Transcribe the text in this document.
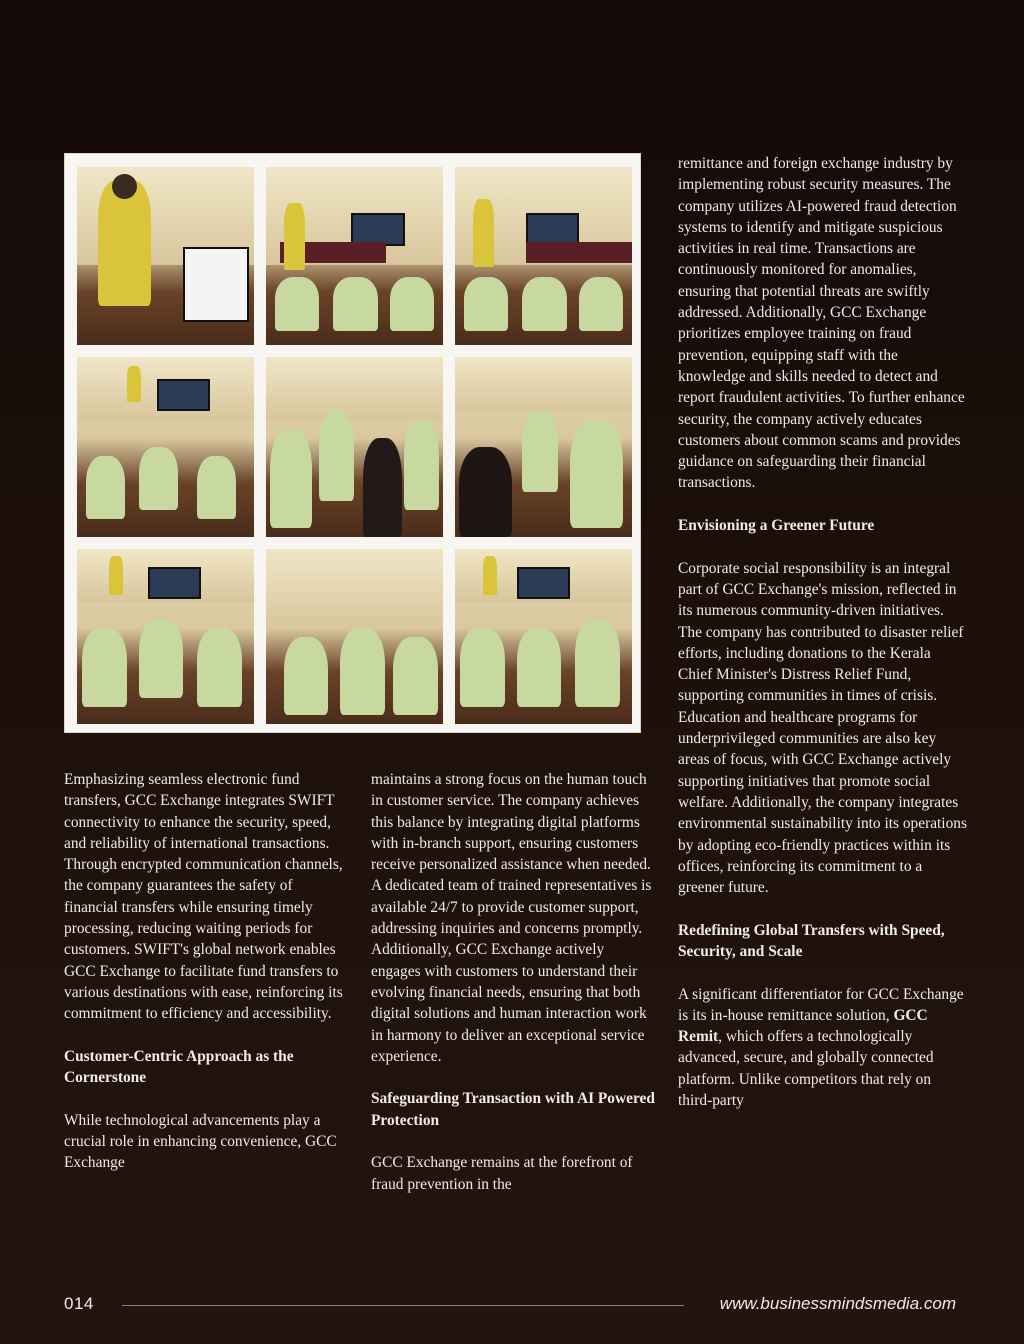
Emphasizing seamless electronic fund transfers, GCC Exchange integrates SWIFT connectivity to enhance the security, speed, and reliability of international transactions. Through encrypted communication channels, the company guarantees the safety of financial transfers while ensuring timely processing, reducing waiting periods for customers. SWIFT's global network enables GCC Exchange to facilitate fund transfers to various destinations with ease, reinforcing its commitment to efficiency and accessibility.

Customer-Centric Approach as the Cornerstone

While technological advancements play a crucial role in enhancing convenience, GCC Exchange

maintains a strong focus on the human touch in customer service. The company achieves this balance by integrating digital platforms with in-branch support, ensuring customers receive personalized assistance when needed. A dedicated team of trained representatives is available 24/7 to provide customer support, addressing inquiries and concerns promptly. Additionally, GCC Exchange actively engages with customers to understand their evolving financial needs, ensuring that both digital solutions and human interaction work in harmony to deliver an exceptional service experience.

Safeguarding Transaction with AI Powered Protection

GCC Exchange remains at the forefront of fraud prevention in the

remittance and foreign exchange industry by implementing robust security measures. The company utilizes AI-powered fraud detection systems to identify and mitigate suspicious activities in real time. Transactions are continuously monitored for anomalies, ensuring that potential threats are swiftly addressed. Additionally, GCC Exchange prioritizes employee training on fraud prevention, equipping staff with the knowledge and skills needed to detect and report fraudulent activities. To further enhance security, the company actively educates customers about common scams and provides guidance on safeguarding their financial transactions.

Envisioning a Greener Future

Corporate social responsibility is an integral part of GCC Exchange's mission, reflected in its numerous community-driven initiatives. The company has contributed to disaster relief efforts, including donations to the Kerala Chief Minister's Distress Relief Fund, supporting communities in times of crisis. Education and healthcare programs for underprivileged communities are also key areas of focus, with GCC Exchange actively supporting initiatives that promote social welfare. Additionally, the company integrates environmental sustainability into its operations by adopting eco-friendly practices within its offices, reinforcing its commitment to a greener future.

Redefining Global Transfers with Speed, Security, and Scale

A significant differentiator for GCC Exchange is its in-house remittance solution, GCC Remit, which offers a technologically advanced, secure, and globally connected platform. Unlike competitors that rely on third-party

014	www.businessmindsmedia.com
